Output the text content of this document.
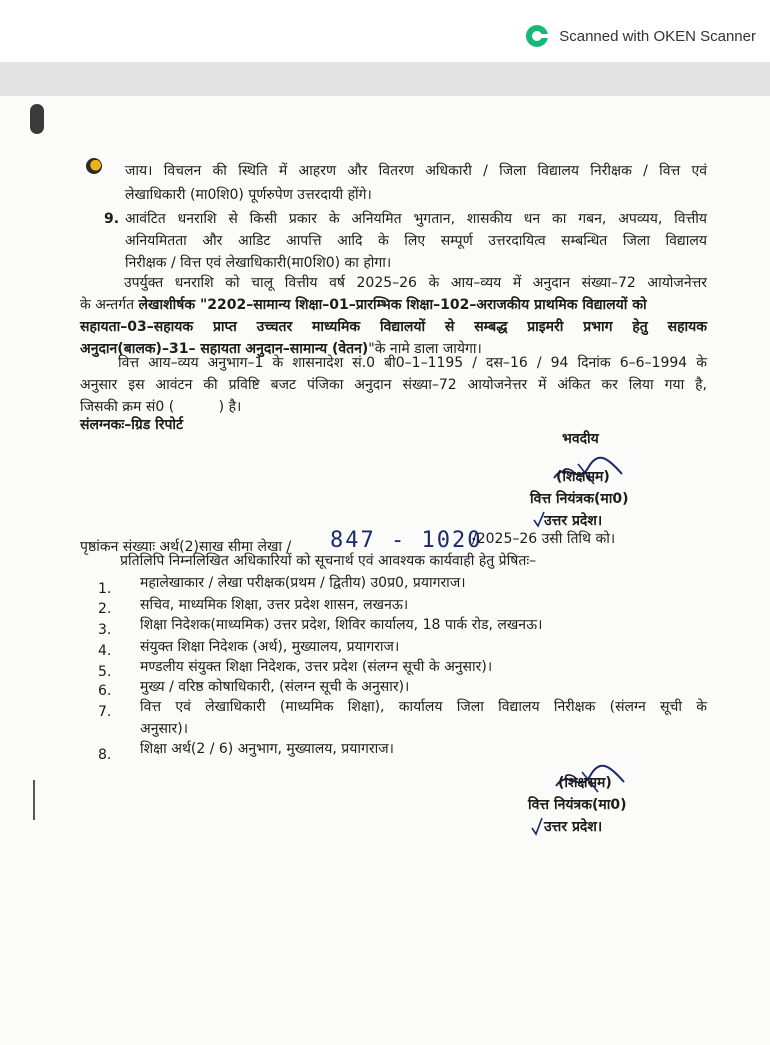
Scanned with OKEN Scanner
जाय। विचलन की स्थिति में आहरण और वितरण अधिकारी / जिला विद्यालय निरीक्षक / वित्त एवं
लेखाधिकारी (मा0शि0) पूर्णरुपेण उत्तरदायी होंगे।
9. आवंटित धनराशि से किसी प्रकार के अनियमित भुगतान, शासकीय धन का गबन, अपव्यय, वित्तीय
अनियमितता और आडिट आपत्ति आदि के लिए सम्पूर्ण उत्तरदायित्व सम्बन्धित जिला विद्यालय
निरीक्षक / वित्त एवं लेखाधिकारी(मा0शि0) का होगा।
उपर्युक्त धनराशि को चालू वित्तीय वर्ष 2025–26 के आय–व्यय में अनुदान संख्या–72 आयोजनेत्तर
के अन्तर्गत लेखाशीर्षक "2202–सामान्य शिक्षा–01–प्रारम्भिक शिक्षा–102–अराजकीय प्राथमिक विद्यालयों को
सहायता–03–सहायक प्राप्त उच्चतर माध्यमिक विद्यालयों से सम्बद्ध प्राइमरी प्रभाग हेतु सहायक
अनुदान(बालक)–31– सहायता अनुदान–सामान्य (वेतन)"के नामे डाला जायेगा।
वित्त आय–व्यय अनुभाग–1 के शासनादेश सं.0 बी0–1–1195 / दस–16 / 94 दिनांक 6–6–1994 के
अनुसार इस आवंटन की प्रविष्टि बजट पंजिका अनुदान संख्या–72 आयोजनेत्तर में अंकित कर लिया गया है,
जिसकी क्रम सं0 (          ) है।
संलग्नकः–ग्रिड रिपोर्ट
भवदीय
(शिक्षसम)
वित्त नियंत्रक(मा0)
उत्तर प्रदेश।
पृष्ठांकन संख्याः अर्थ(2)साख सीमा लेखा / 847 - 1020
/2025–26 उसी तिथि को।
प्रतिलिपि निम्नलिखित अधिकारियों को सूचनार्थ एवं आवश्यक कार्यवाही हेतु प्रेषितः–
1. महालेखाकार / लेखा परीक्षक(प्रथम / द्वितीय) उ0प्र0, प्रयागराज।
2. सचिव, माध्यमिक शिक्षा, उत्तर प्रदेश शासन, लखनऊ।
3. शिक्षा निदेशक(माध्यमिक) उत्तर प्रदेश, शिविर कार्यालय, 18 पार्क रोड, लखनऊ।
4. संयुक्त शिक्षा निदेशक (अर्थ), मुख्यालय, प्रयागराज।
5. मण्डलीय संयुक्त शिक्षा निदेशक, उत्तर प्रदेश (संलग्न सूची के अनुसार)।
6. मुख्य / वरिष्ठ कोषाधिकारी, (संलग्न सूची के अनुसार)।
7. वित्त एवं लेखाधिकारी (माध्यमिक शिक्षा), कार्यालय जिला विद्यालय निरीक्षक (संलग्न सूची के
अनुसार)।
8. शिक्षा अर्थ(2 / 6) अनुभाग, मुख्यालय, प्रयागराज।
(शिक्षसम)
वित्त नियंत्रक(मा0)
उत्तर प्रदेश।
